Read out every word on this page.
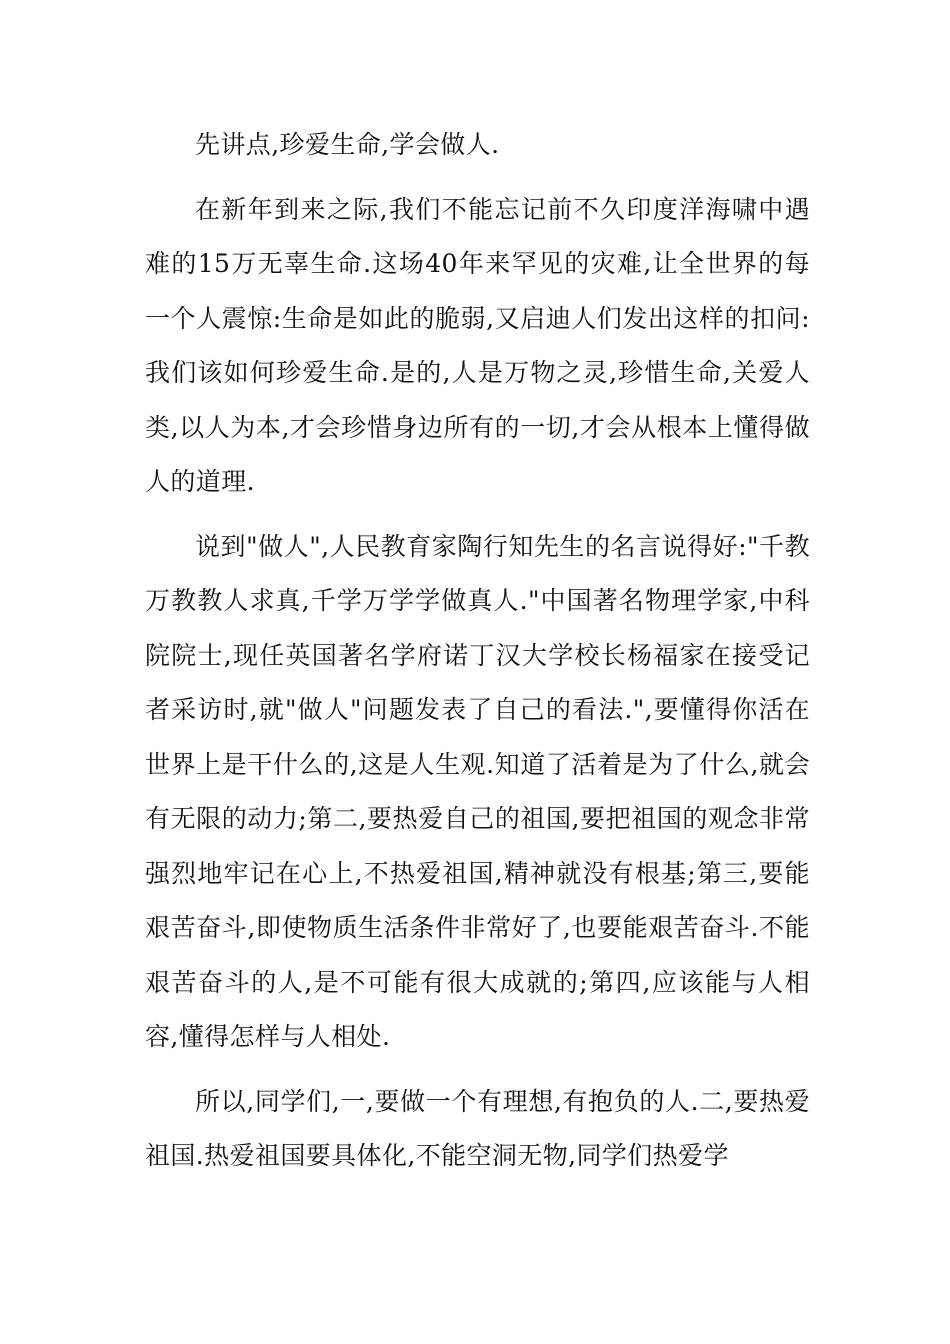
先讲点,珍爱生命,学会做人.

在新年到来之际,我们不能忘记前不久印度洋海啸中遇难的15万无辜生命.这场40年来罕见的灾难,让全世界的每一个人震惊:生命是如此的脆弱,又启迪人们发出这样的扣问:我们该如何珍爱生命.是的,人是万物之灵,珍惜生命,关爱人类,以人为本,才会珍惜身边所有的一切,才会从根本上懂得做人的道理.

说到"做人",人民教育家陶行知先生的名言说得好:"千教万教教人求真,千学万学学做真人."中国著名物理学家,中科院院士,现任英国著名学府诺丁汉大学校长杨福家在接受记者采访时,就"做人"问题发表了自己的看法.",要懂得你活在世界上是干什么的,这是人生观.知道了活着是为了什么,就会有无限的动力;第二,要热爱自己的祖国,要把祖国的观念非常强烈地牢记在心上,不热爱祖国,精神就没有根基;第三,要能艰苦奋斗,即使物质生活条件非常好了,也要能艰苦奋斗.不能艰苦奋斗的人,是不可能有很大成就的;第四,应该能与人相容,懂得怎样与人相处.

所以,同学们,一,要做一个有理想,有抱负的人.二,要热爱祖国.热爱祖国要具体化,不能空洞无物,同学们热爱学
